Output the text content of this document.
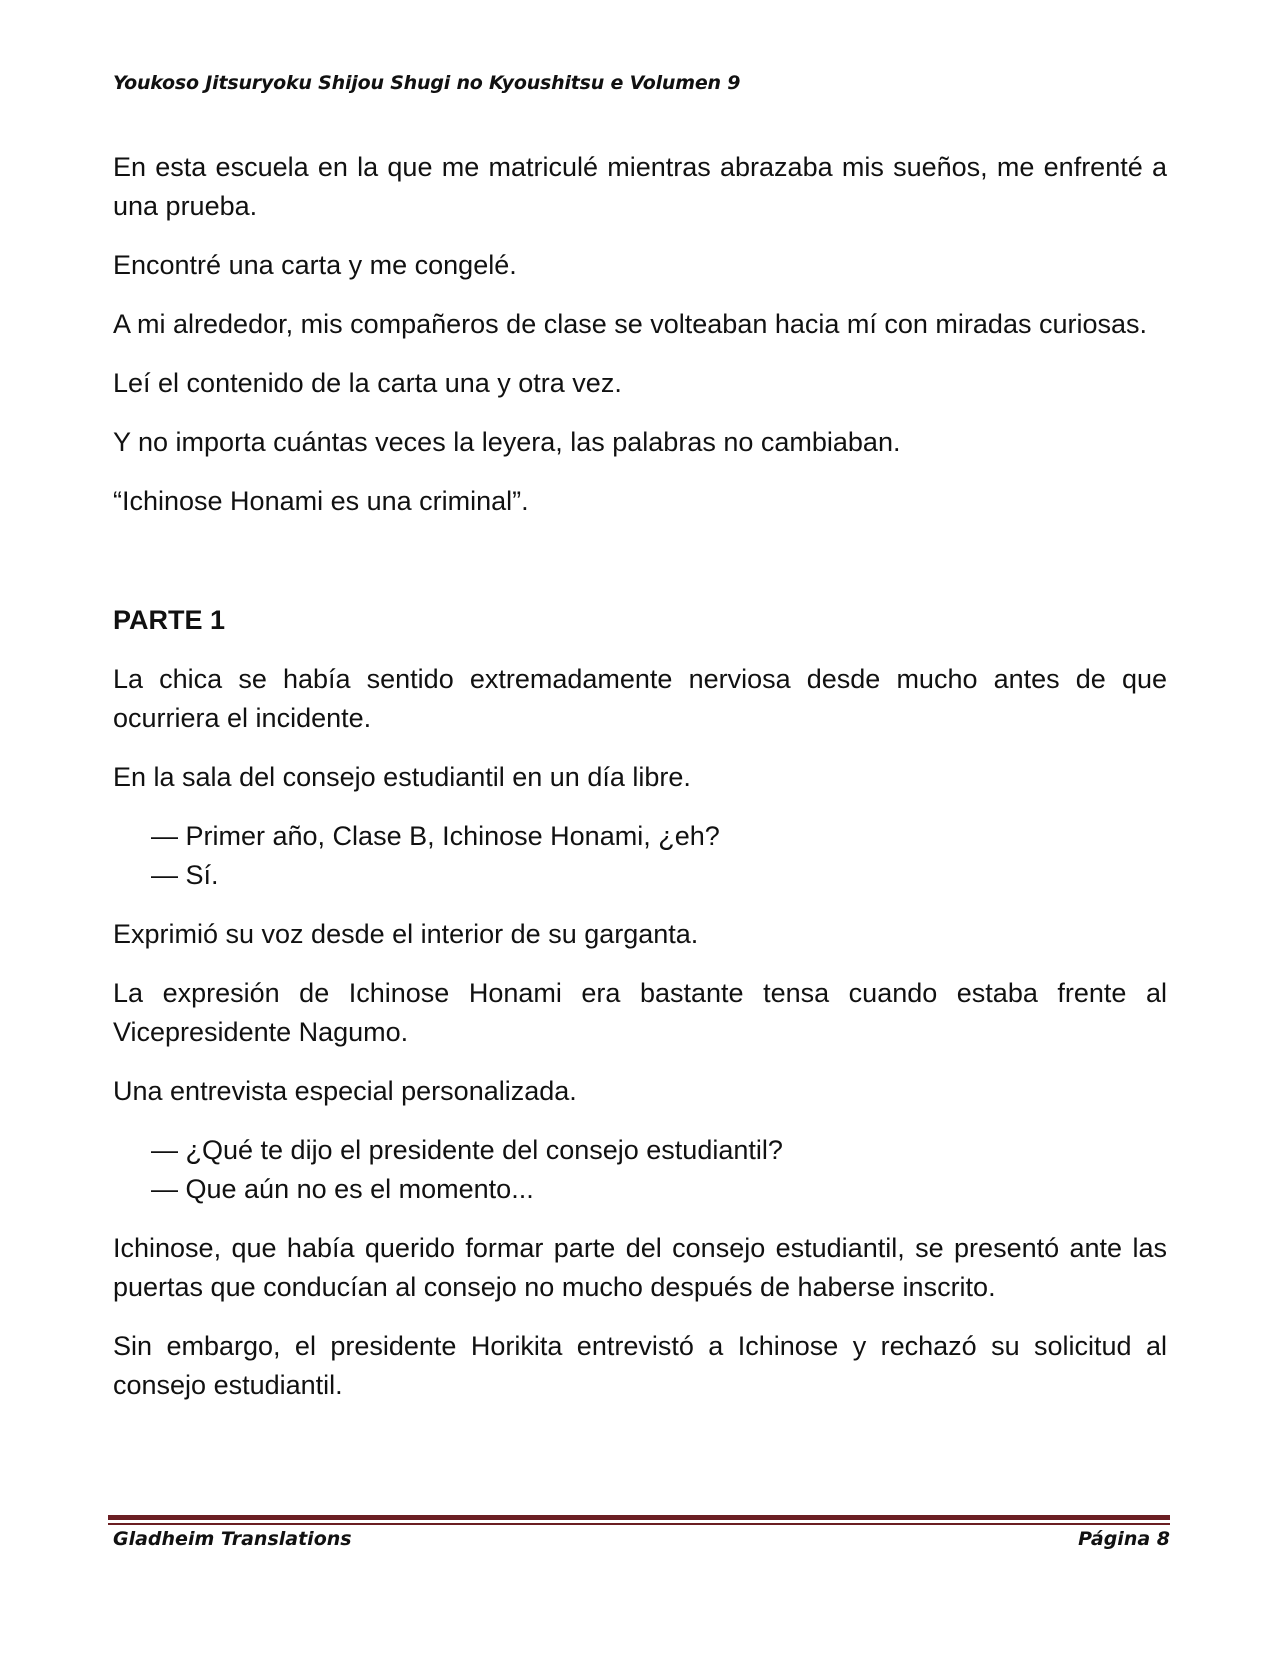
Youkoso Jitsuryoku Shijou Shugi no Kyoushitsu e Volumen 9

En esta escuela en la que me matriculé mientras abrazaba mis sueños, me enfrenté a una prueba.

Encontré una carta y me congelé.

A mi alrededor, mis compañeros de clase se volteaban hacia mí con miradas curiosas.

Leí el contenido de la carta una y otra vez.

Y no importa cuántas veces la leyera, las palabras no cambiaban.

“Ichinose Honami es una criminal”.

PARTE 1

La chica se había sentido extremadamente nerviosa desde mucho antes de que ocurriera el incidente.

En la sala del consejo estudiantil en un día libre.

— Primer año, Clase B, Ichinose Honami, ¿eh?
— Sí.

Exprimió su voz desde el interior de su garganta.

La expresión de Ichinose Honami era bastante tensa cuando estaba frente al Vicepresidente Nagumo.

Una entrevista especial personalizada.

— ¿Qué te dijo el presidente del consejo estudiantil?
— Que aún no es el momento...

Ichinose, que había querido formar parte del consejo estudiantil, se presentó ante las puertas que conducían al consejo no mucho después de haberse inscrito.

Sin embargo, el presidente Horikita entrevistó a Ichinose y rechazó su solicitud al consejo estudiantil.

Gladheim Translations	Página 8
